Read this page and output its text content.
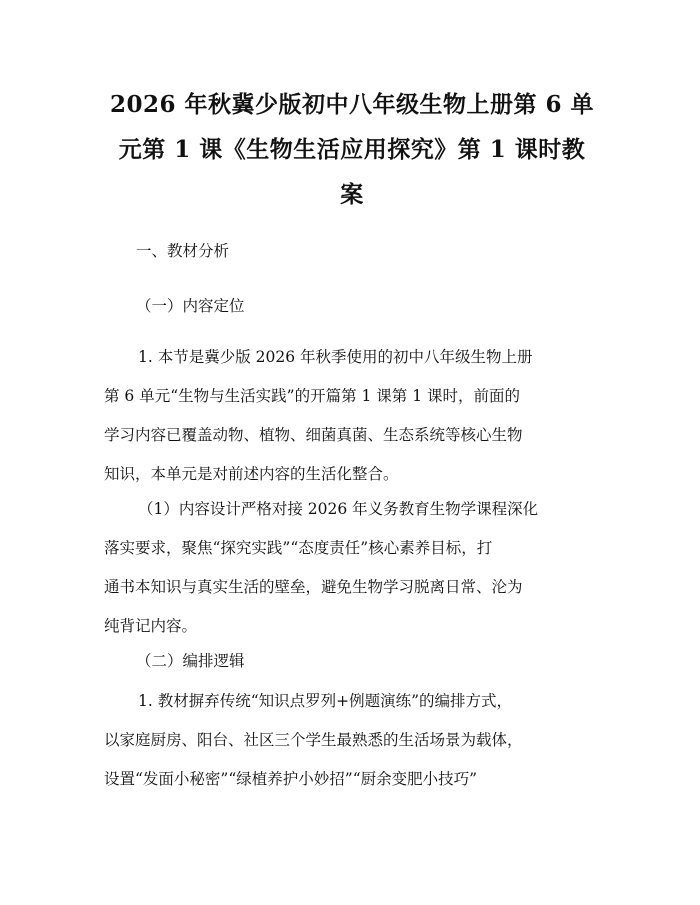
2026 年秋冀少版初中八年级生物上册第 6 单
元第 1 课《生物生活应用探究》第 1 课时教
案

一、教材分析

（一）内容定位

1. 本节是冀少版 2026 年秋季使用的初中八年级生物上册
第 6 单元“生物与生活实践”的开篇第 1 课第 1 课时，前面的
学习内容已覆盖动物、植物、细菌真菌、生态系统等核心生物
知识，本单元是对前述内容的生活化整合。
（1）内容设计严格对接 2026 年义务教育生物学课程深化
落实要求，聚焦“探究实践”“态度责任”核心素养目标，打
通书本知识与真实生活的壁垒，避免生物学习脱离日常、沦为
纯背记内容。

（二）编排逻辑

1. 教材摒弃传统“知识点罗列+例题演练”的编排方式，
以家庭厨房、阳台、社区三个学生最熟悉的生活场景为载体，
设置“发面小秘密”“绿植养护小妙招”“厨余变肥小技巧”
